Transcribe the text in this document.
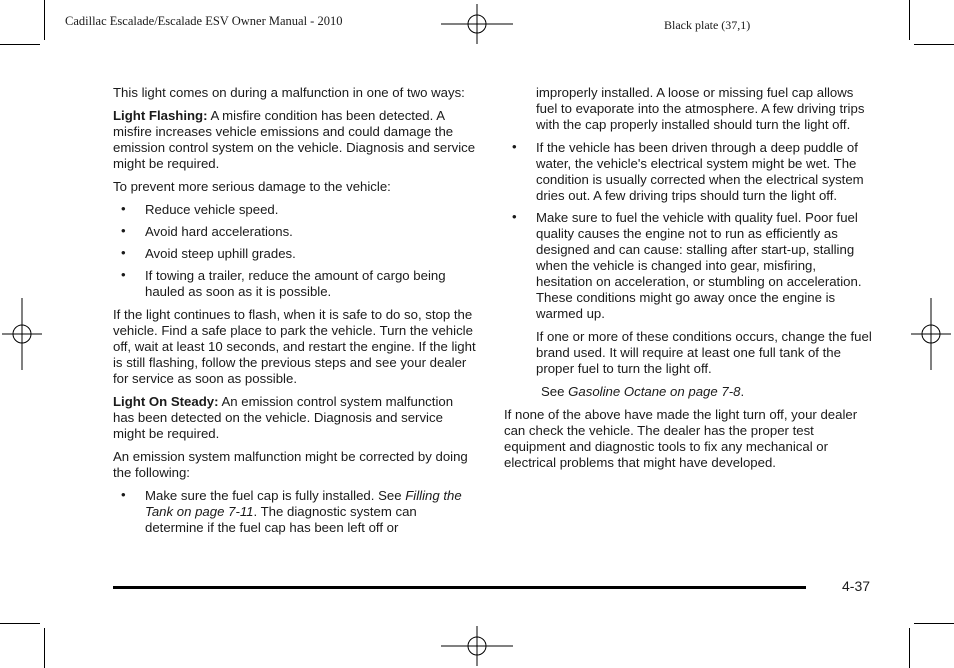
Cadillac Escalade/Escalade ESV Owner Manual - 2010	Black plate (37,1)

This light comes on during a malfunction in one of two ways:

Light Flashing: A misfire condition has been detected. A misfire increases vehicle emissions and could damage the emission control system on the vehicle. Diagnosis and service might be required.

To prevent more serious damage to the vehicle:

• Reduce vehicle speed.
• Avoid hard accelerations.
• Avoid steep uphill grades.
• If towing a trailer, reduce the amount of cargo being hauled as soon as it is possible.

If the light continues to flash, when it is safe to do so, stop the vehicle. Find a safe place to park the vehicle. Turn the vehicle off, wait at least 10 seconds, and restart the engine. If the light is still flashing, follow the previous steps and see your dealer for service as soon as possible.

Light On Steady: An emission control system malfunction has been detected on the vehicle. Diagnosis and service might be required.

An emission system malfunction might be corrected by doing the following:

• Make sure the fuel cap is fully installed. See Filling the Tank on page 7-11. The diagnostic system can determine if the fuel cap has been left off or

improperly installed. A loose or missing fuel cap allows fuel to evaporate into the atmosphere. A few driving trips with the cap properly installed should turn the light off.

• If the vehicle has been driven through a deep puddle of water, the vehicle's electrical system might be wet. The condition is usually corrected when the electrical system dries out. A few driving trips should turn the light off.
• Make sure to fuel the vehicle with quality fuel. Poor fuel quality causes the engine not to run as efficiently as designed and can cause: stalling after start-up, stalling when the vehicle is changed into gear, misfiring, hesitation on acceleration, or stumbling on acceleration. These conditions might go away once the engine is warmed up.

If one or more of these conditions occurs, change the fuel brand used. It will require at least one full tank of the proper fuel to turn the light off.

See Gasoline Octane on page 7-8.

If none of the above have made the light turn off, your dealer can check the vehicle. The dealer has the proper test equipment and diagnostic tools to fix any mechanical or electrical problems that might have developed.

4-37
